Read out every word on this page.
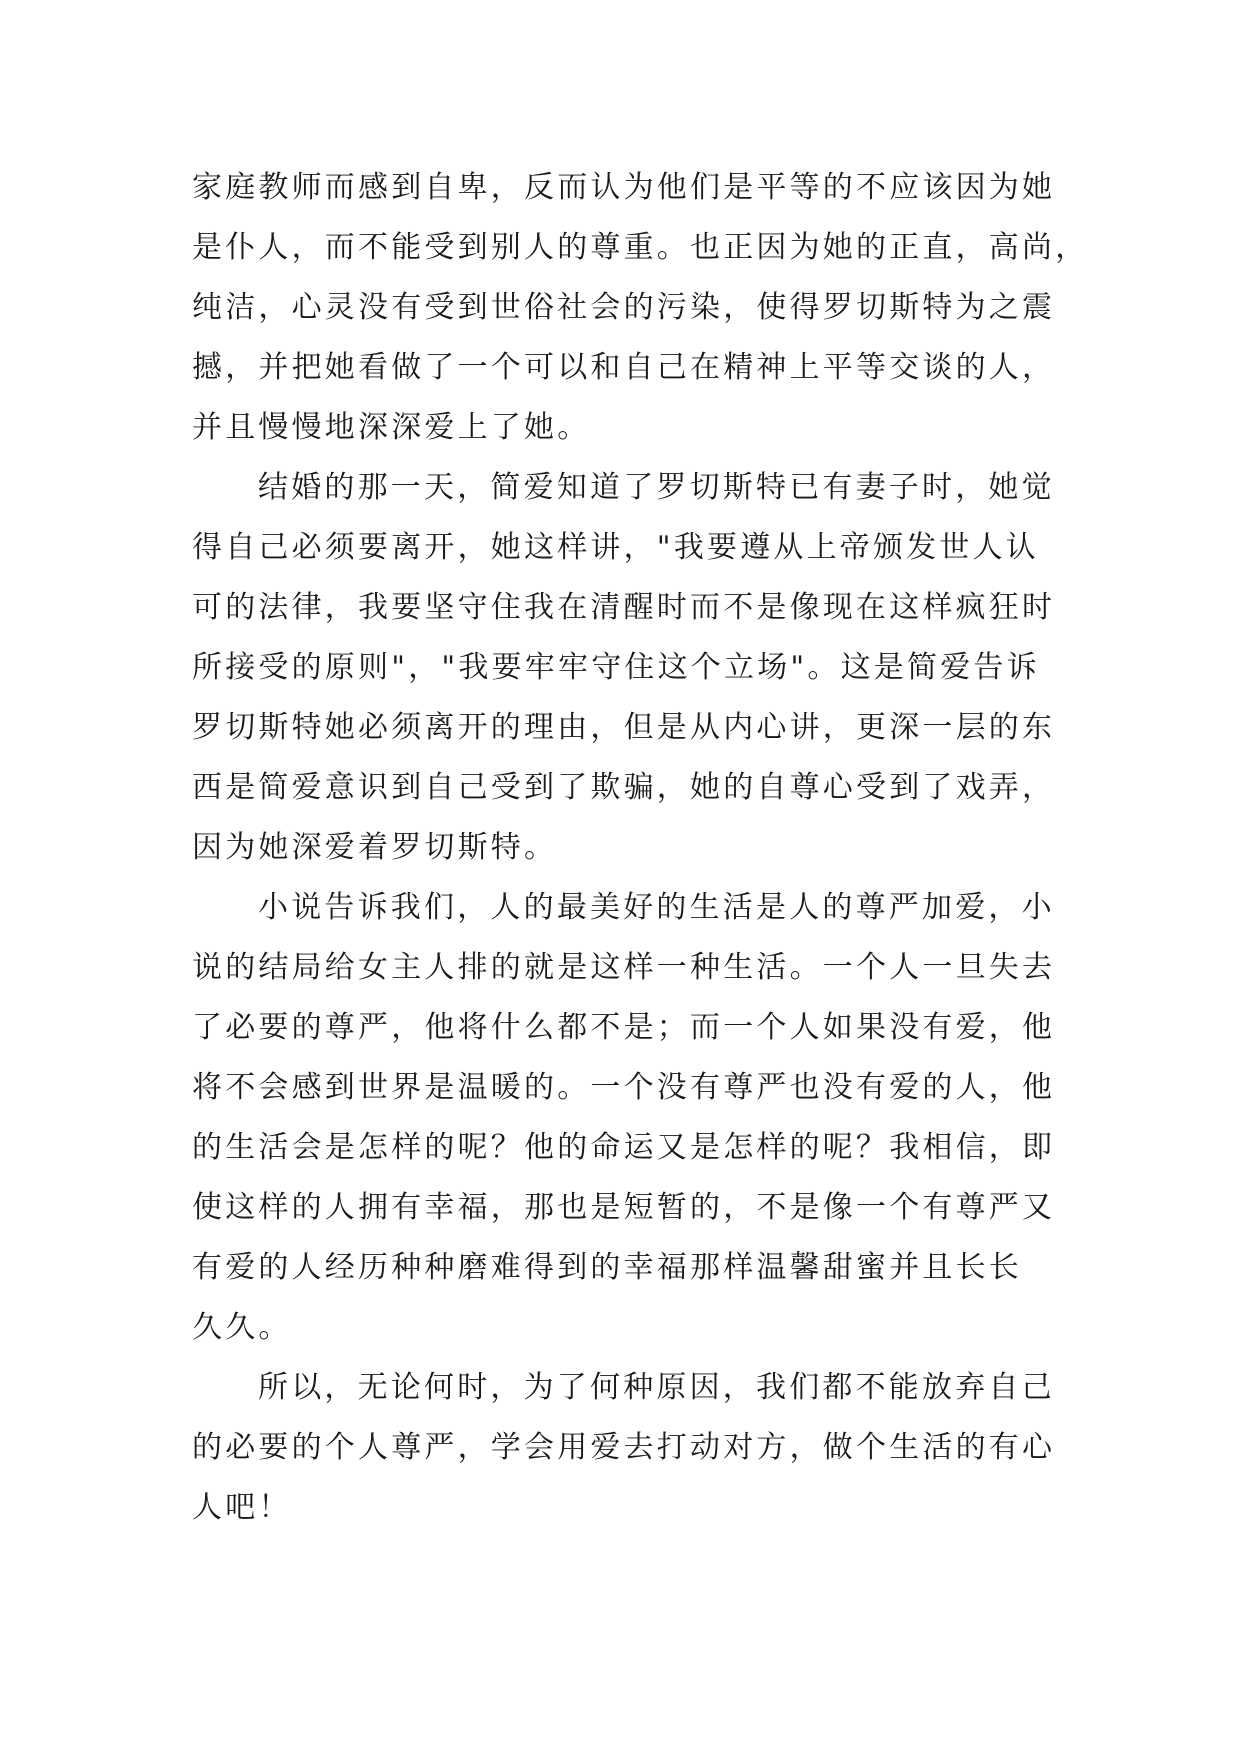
家庭教师而感到自卑，反而认为他们是平等的不应该因为她
是仆人，而不能受到别人的尊重。也正因为她的正直，高尚，
纯洁，心灵没有受到世俗社会的污染，使得罗切斯特为之震
撼，并把她看做了一个可以和自己在精神上平等交谈的人，
并且慢慢地深深爱上了她。
结婚的那一天，简爱知道了罗切斯特已有妻子时，她觉
得自己必须要离开，她这样讲，"我要遵从上帝颁发世人认
可的法律，我要坚守住我在清醒时而不是像现在这样疯狂时
所接受的原则"，"我要牢牢守住这个立场"。这是简爱告诉
罗切斯特她必须离开的理由，但是从内心讲，更深一层的东
西是简爱意识到自己受到了欺骗，她的自尊心受到了戏弄，
因为她深爱着罗切斯特。
小说告诉我们，人的最美好的生活是人的尊严加爱，小
说的结局给女主人排的就是这样一种生活。一个人一旦失去
了必要的尊严，他将什么都不是；而一个人如果没有爱，他
将不会感到世界是温暖的。一个没有尊严也没有爱的人，他
的生活会是怎样的呢？他的命运又是怎样的呢？我相信，即
使这样的人拥有幸福，那也是短暂的，不是像一个有尊严又
有爱的人经历种种磨难得到的幸福那样温馨甜蜜并且长长
久久。
所以，无论何时，为了何种原因，我们都不能放弃自己
的必要的个人尊严，学会用爱去打动对方，做个生活的有心
人吧！
